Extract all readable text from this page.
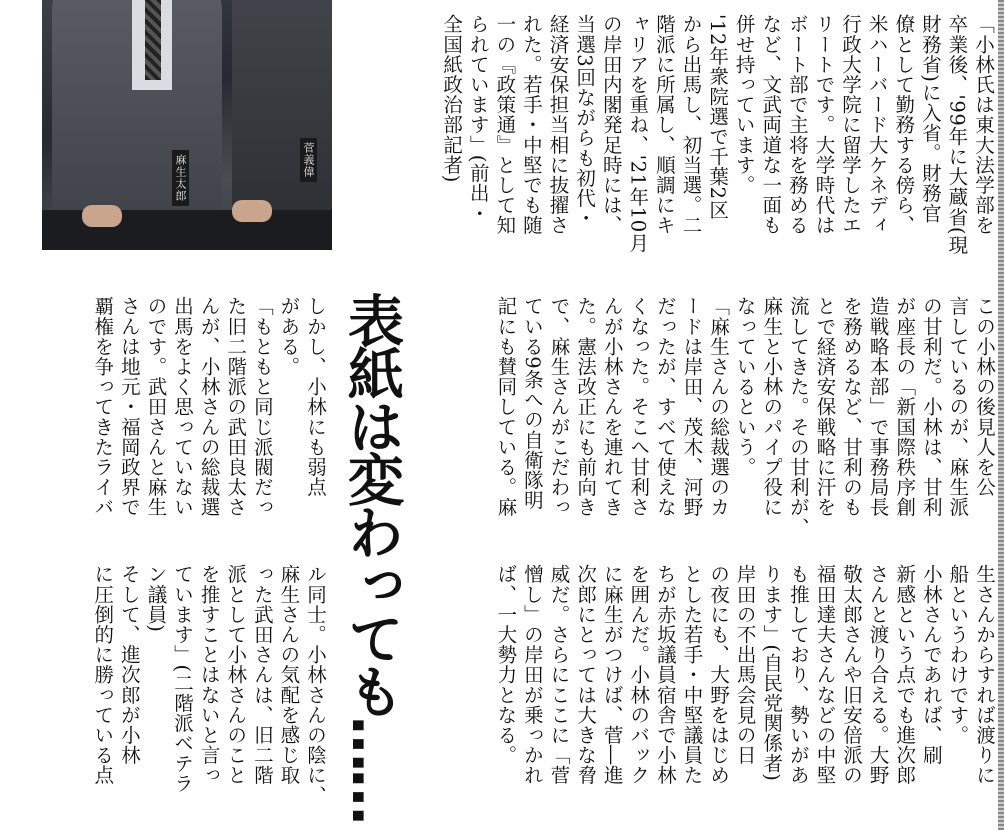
麻生太郎	菅義偉	「小林氏は東大法学部を
卒業後、'99年に大蔵省(現
財務省)に入省。財務官
僚として勤務する傍ら、
米ハーバード大ケネディ
行政大学院に留学したエ
リートです。大学時代は
ボート部で主将を務める
など、文武両道な一面も
併せ持っています。
'12年衆院選で千葉2区
から出馬し、初当選。二
階派に所属し、順調にキ
ャリアを重ね、'21年10月
の岸田内閣発足時には、
当選3回ながらも初代・
経済安保担当相に抜擢さ
れた。若手・中堅でも随
一の『政策通』として知
られています」(前出・
全国紙政治部記者)

この小林の後見人を公
言しているのが、麻生派
の甘利だ。小林は、甘利
が座長の「新国際秩序創
造戦略本部」で事務局長
を務めるなど、甘利のも
とで経済安保戦略に汗を
流してきた。その甘利が、
麻生と小林のパイプ役に
なっているという。
「麻生さんの総裁選のカ
ードは岸田、茂木、河野
だったが、すべて使えな
くなった。そこへ甘利さ
んが小林さんを連れてき
た。憲法改正にも前向き
で、麻生さんがこだわっ
ている9条への自衛隊明
記にも賛同している。麻

表紙は変わっても……

しかし、小林にも弱点
がある。
「もともと同じ派閥だっ
た旧二階派の武田良太さ
んが、小林さんの総裁選
出馬をよく思っていない
のです。武田さんと麻生
さんは地元・福岡政界で
覇権を争ってきたライバ

生さんからすれば渡りに
船というわけです。
小林さんであれば、刷
新感という点でも進次郎
さんと渡り合える。大野
敬太郎さんや旧安倍派の
福田達夫さんなどの中堅
も推しており、勢いがあ
ります」(自民党関係者)
岸田の不出馬会見の日
の夜にも、大野をはじめ
とした若手・中堅議員た
ちが赤坂議員宿舎で小林
を囲んだ。小林のバック
に麻生がつけば、菅―進
次郎にとっては大きな脅
威だ。さらにここに「菅
憎し」の岸田が乗っかれ
ば、一大勢力となる。

ル同士。小林さんの陰に、
麻生さんの気配を感じ取
った武田さんは、旧二階
派として小林さんのこと
を推すことはないと言っ
ています」(二階派ベテラ
ン議員)
そして、進次郎が小林
に圧倒的に勝っている点
